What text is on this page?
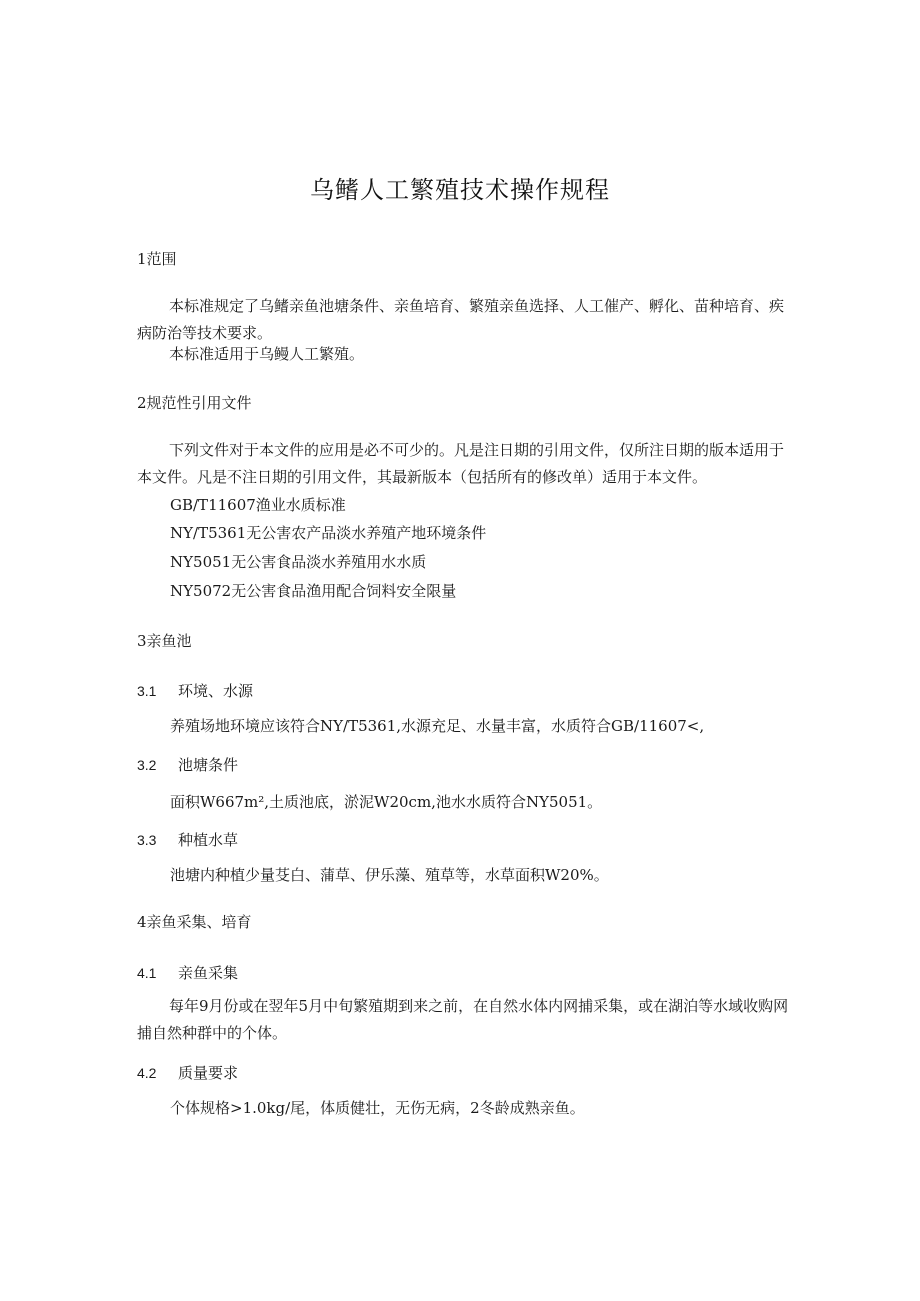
乌鳍人工繁殖技术操作规程
1范围

本标准规定了乌鳍亲鱼池塘条件、亲鱼培育、繁殖亲鱼选择、人工催产、孵化、苗种培育、疾病防治等技术要求。

本标准适用于乌鳗人工繁殖。

2规范性引用文件

下列文件对于本文件的应用是必不可少的。凡是注日期的引用文件，仅所注日期的版本适用于本文件。凡是不注日期的引用文件，其最新版本（包括所有的修改单）适用于本文件。

GB/T11607渔业水质标准
NY/T5361无公害农产品淡水养殖产地环境条件
NY5051无公害食品淡水养殖用水水质
NY5072无公害食品渔用配合饲料安全限量
3亲鱼池
3.1 环境、水源
养殖场地环境应该符合NY/T5361,水源充足、水量丰富，水质符合GB∕11607<,
3.2 池塘条件
面积W667m²,土质池底，淤泥W20cm,池水水质符合NY5051。
3.3 种植水草
池塘内种植少量芟白、蒲草、伊乐藻、殖草等，水草面积W20%。
4亲鱼采集、培育
4.1 亲鱼采集

每年9月份或在翌年5月中旬繁殖期到来之前，在自然水体内网捕采集，或在湖泊等水域收购网捕自然种群中的个体。

4.2 质量要求
个体规格>1.0kg∕尾，体质健壮，无伤无病，2冬龄成熟亲鱼。
